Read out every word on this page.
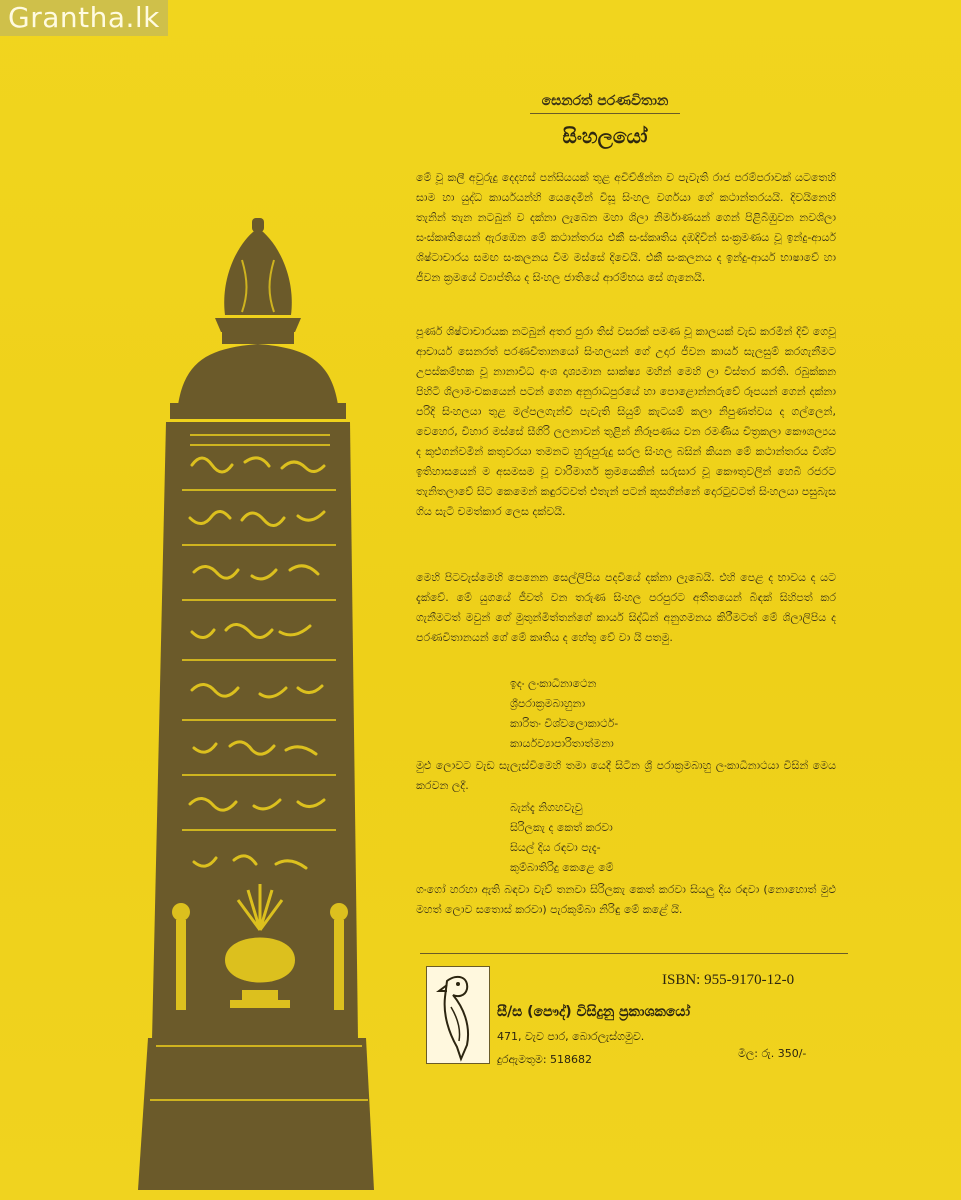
Grantha.lk
සෙනරත් පරණවිතාන
සිංහලයෝ

මේ වූ කලී අවුරුදු දෙදහස් පන්සියයක් තුළ අවිච්ඡින්න ව පැවැති රාජ පරම්පරාවක් යටතෙහි සාම හා යුද්ධ කාර්යයන්හි යෙදෙමින් විසූ සිංහල වර්ගයා ගේ කථාන්තරයයි. දිවයිනෙහි තැනින් තැන නටබුන් ව දක්නා ලැබෙන මහා ශිලා නිර්මාණයන් ගෙන් පිළිබිඹුවන නවශිලා සංස්කෘතියෙන් ඇරඹෙන මේ කථාන්තරය එකී සංස්කෘතිය දඹදිවින් සංක්‍රමණය වූ ඉන්දු-ආර්ය ශිෂ්ටාචාරය සමඟ සංකලනය වීම මස්සේ දිවෙයි. එකී සංකලනය ද ඉන්දු-ආර්ය භාෂාවේ හා ජීවන ක්‍රමයේ ව්‍යාප්තිය ද සිංහල ජාතියේ ආරම්භය සේ ගැනෙයි.

පූර්ණ ශිෂ්ටාචාරයක නටබුන් අතර පුරා තිස් වසරක් පමණ වූ කාලයක් වැඩ කරමින් දිවි ගෙවූ ආචාර්ය සෙනරත් පරණවිතානයෝ සිංහලයන් ගේ උදාර ජීවන කාර්ය සැලසුම් කරගැනීමට උපස්කම්භක වූ නානාවිධ අංශ දෘශ්‍යමාන සාක්ෂ්‍ය මහින් මෙහි ලා විස්තර කරති. රබුක්කන පිහිටි ශිලාමංචකයෙන් පටන් ගෙන අනුරාධපුරයේ හා පොළොන්නරුවේ රූපයන් ගෙන් දක්නා පරිදි සිංහලයා තුළ මල්පලගැන්වී පැවැති සියුම් කැටයම් කලා නිපුණත්වය ද ගල්ලෙන්, වෙහෙර, විහාර මස්සේ සීගිරි ලලනාවන් තුළින් නිරූපණය වන රමණීය චිත්‍රකලා කෞශල්‍යය ද කුළුගන්වමින් කතුවරයා තමනට හුරුපුරුදු සරල සිංහල බසින් කියන මේ කථාන්තරය විශ්ව ඉතිහාසයෙන් ම අසමසම වූ වාරිමාර්ග ක්‍රමයෙකින් සරුසාර වූ කෞතුවලින් හෙබි රජරට තැනිතලාවේ සිට කෙමෙන් කඳුරටවත් එතැන් පටන් කුසගින්නේ දොරටුවටත් සිංහලයා පසුබැස ගිය සැටි චමත්කාර ලෙස දක්වයි.

මෙහි පිටවැස්මෙහි පෙනෙන සෙල්ලිපිය පදවියේ දක්නා ලැබෙයි. එහි පෙළ ද භාවය ද යට දැක්වේ. මේ යුගයේ ජීවත් වන තරුණ සිංහල පරපුරට අතීතයෙන් බිඳක් සිහිපත් කර ගැනීමටත් මවුන් ගේ මුතුන්මිත්තන්ගේ කාර්ය සිද්ධීන් අනුගමනය කිරීමටත් මේ ශිලාලිපිය ද පරණවිතානයන් ගේ මේ කෘතිය ද හේතු වේ වා යි පතමු.

ඉදං ලංකාධිනාථෙන
ශ්‍රීපරාක්‍රමබාහුනා
කාරිතං විශ්වලොකාර්ථ-
කාර්යව්‍යාපාරිතාත්මනා

මුළු ලොවට වැඩ සැලැස්වීමෙහි තමා යෙදී සිටින ශ්‍රී පරාක්‍රමබාහු ලංකාධිනාථයා විසින් මෙය කරවන ලදී.

බැන්දැ නිගහවැවු
සිරිලකැ ද කෙත් කරවා
සියල් දිය රඳවා පැදැ-
කුම්බාතිරිදු කෙළෙ මේ

ගංගෝ හරහා ඇති බඳවා වැව් තනවා සිරිලකැ කෙත් කරවා සියලු දිය රඳවා (නොහොත් මුළු මහත් ලොව සතොස් කරවා) පැරකුම්බා නිරිඳු මේ කළේ යි.

ISBN: 955-9170-12-0
සී/ස (පෞද්) විසිදුනු ප්‍රකාශකයෝ
471, වැව පාර, බොරලැස්ගමුව.
දුරඇමතුම: 518682	මිල: රු. 350/-
